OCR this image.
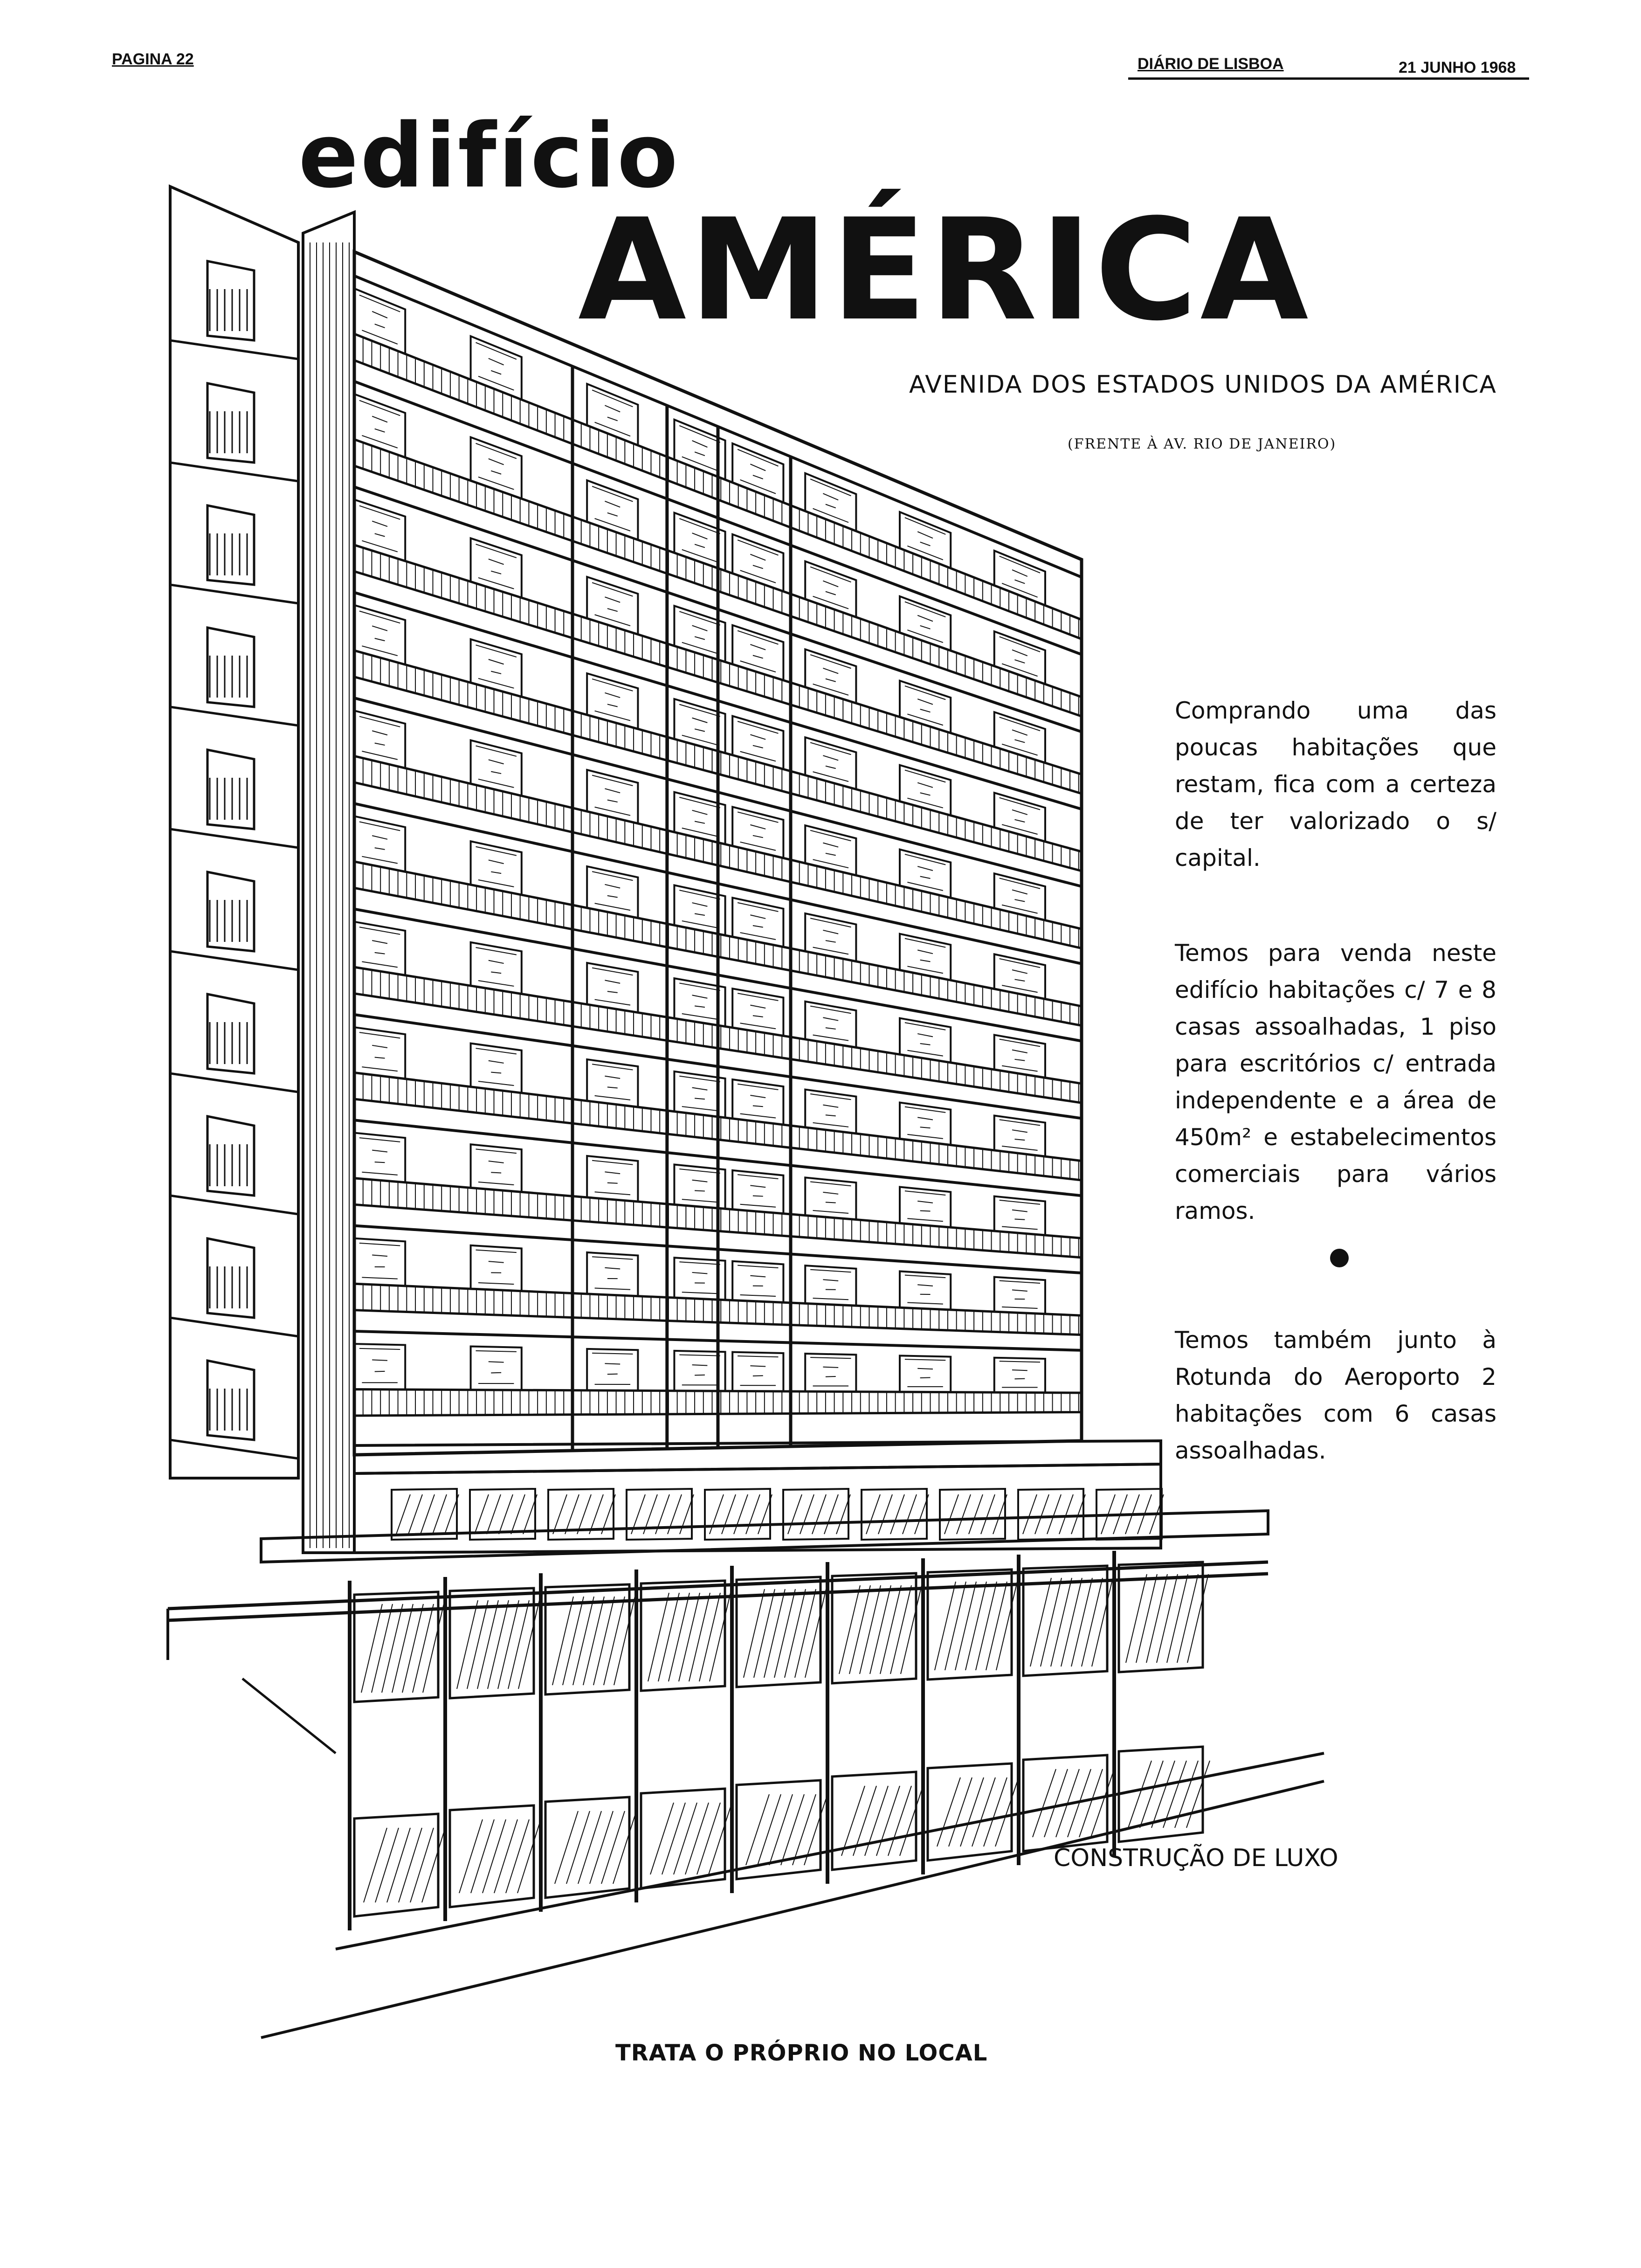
PAGINA 22	DIÁRIO DE LISBOA	21 JUNHO 1968
edifício
AMÉRICA
AVENIDA DOS ESTADOS UNIDOS DA AMÉRICA
(FRENTE À AV. RIO DE JANEIRO)
Comprando uma das poucas habitações que restam, fica com a certeza de ter valorizado o s/ capital.
Temos para venda neste edifício habitações c/ 7 e 8 casas assoalhadas, 1 piso para escritórios c/ entrada independente e a área de 450m² e estabelecimentos comerciais para vários ramos.
Temos também junto à Rotunda do Aeroporto 2 habitações com 6 casas assoalhadas.
CONSTRUÇÃO DE LUXO
TRATA O PRÓPRIO NO LOCAL
